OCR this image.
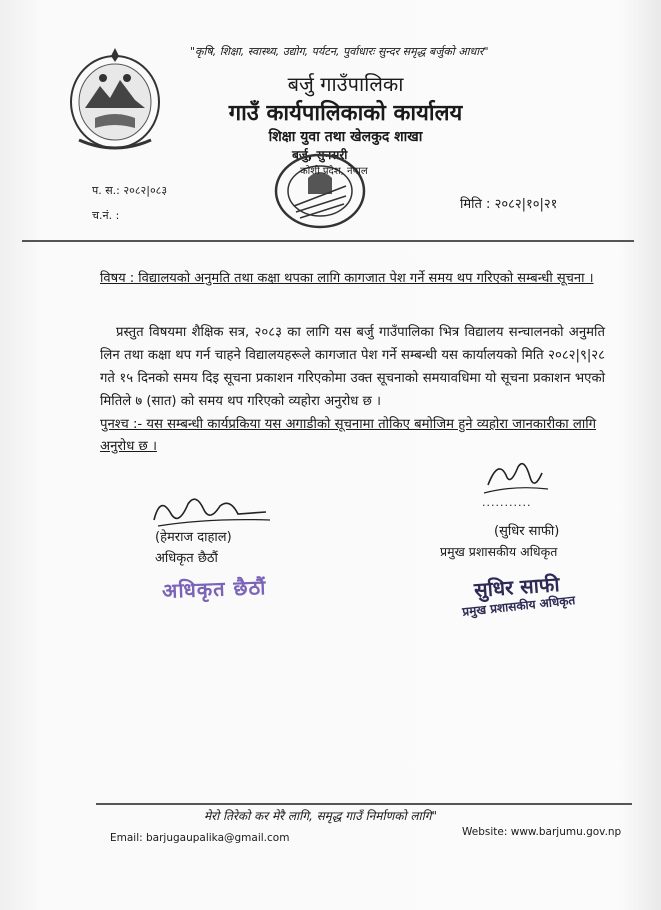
"कृषि, शिक्षा, स्वास्थ्य, उद्योग, पर्यटन, पुर्वाधारः सुन्दर समृद्ध बर्जुको आधार"
बर्जु गाउँपालिका
गाउँ कार्यपालिकाको कार्यालय
शिक्षा युवा तथा खेलकुद शाखा
बर्जु, सुनसरी
कोशी प्रदेश, नेपाल
प. स.: २०८२|०८३
च.नं. :
मिति : २०८२|१०|२१
विषय : विद्यालयको अनुमति तथा कक्षा थपका लागि कागजात पेश गर्ने समय थप गरिएको सम्बन्धी सूचना ।
प्रस्तुत विषयमा शैक्षिक सत्र, २०८३ का लागि यस बर्जु गाउँपालिका भित्र विद्यालय सन्चालनको अनुमति लिन तथा कक्षा थप गर्न चाहने विद्यालयहरूले कागजात पेश गर्ने सम्बन्धी यस कार्यालयको मिति २०८२|९|२८ गते १५ दिनको समय दिइ सूचना प्रकाशन गरिएकोमा उक्त सूचनाको समयावधिमा यो सूचना प्रकाशन भएको मितिले ७ (सात) को समय थप गरिएको व्यहोरा अनुरोध छ ।
पुनश्च :- यस सम्बन्धी कार्यप्रकिया यस अगाडीको सूचनामा तोकिए बमोजिम हुने व्यहोरा जानकारीका लागि अनुरोध छ ।
(हेमराज दाहाल)
अधिकृत छैठौं
अधिकृत छैठौं
...........
(सुधिर साफी)
प्रमुख प्रशासकीय अधिकृत
सुधिर साफी
प्रमुख प्रशासकीय अधिकृत
मेरो तिरेको कर मेरै लागि, समृद्ध गाउँ निर्माणको लागि"
Email: barjugaupalika@gmail.com	Website: www.barjumu.gov.np
